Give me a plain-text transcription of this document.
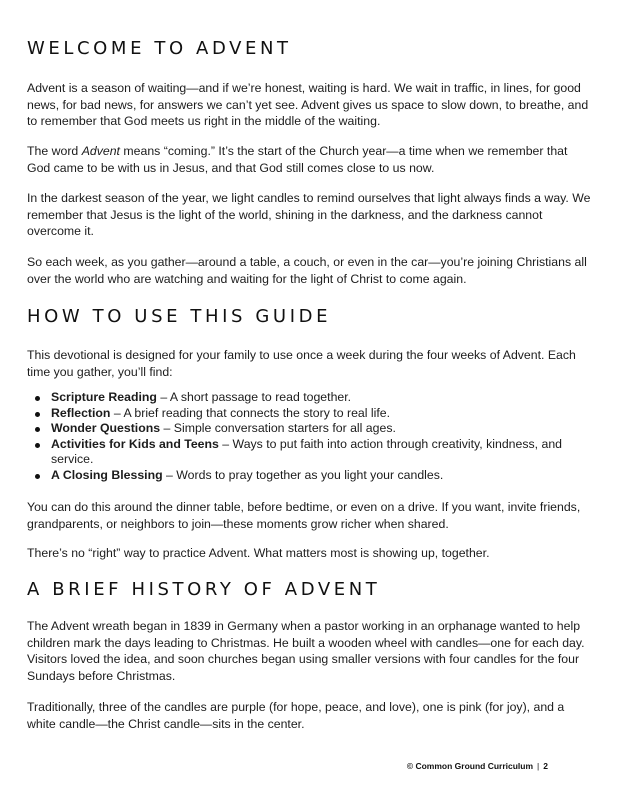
WELCOME TO ADVENT

Advent is a season of waiting—and if we’re honest, waiting is hard. We wait in traffic, in lines, for good news, for bad news, for answers we can’t yet see. Advent gives us space to slow down, to breathe, and to remember that God meets us right in the middle of the waiting.

The word Advent means “coming.” It’s the start of the Church year—a time when we remember that God came to be with us in Jesus, and that God still comes close to us now.

In the darkest season of the year, we light candles to remind ourselves that light always finds a way. We remember that Jesus is the light of the world, shining in the darkness, and the darkness cannot overcome it.

So each week, as you gather—around a table, a couch, or even in the car—you’re joining Christians all over the world who are watching and waiting for the light of Christ to come again.

HOW TO USE THIS GUIDE

This devotional is designed for your family to use once a week during the four weeks of Advent. Each time you gather, you’ll find:

Scripture Reading – A short passage to read together.
Reflection – A brief reading that connects the story to real life.
Wonder Questions – Simple conversation starters for all ages.
Activities for Kids and Teens – Ways to put faith into action through creativity, kindness, and service.
A Closing Blessing – Words to pray together as you light your candles.

You can do this around the dinner table, before bedtime, or even on a drive. If you want, invite friends, grandparents, or neighbors to join—these moments grow richer when shared.

There’s no “right” way to practice Advent. What matters most is showing up, together.

A BRIEF HISTORY OF ADVENT

The Advent wreath began in 1839 in Germany when a pastor working in an orphanage wanted to help children mark the days leading to Christmas. He built a wooden wheel with candles—one for each day. Visitors loved the idea, and soon churches began using smaller versions with four candles for the four Sundays before Christmas.

Traditionally, three of the candles are purple (for hope, peace, and love), one is pink (for joy), and a white candle—the Christ candle—sits in the center.

© Common Ground Curriculum | 2
